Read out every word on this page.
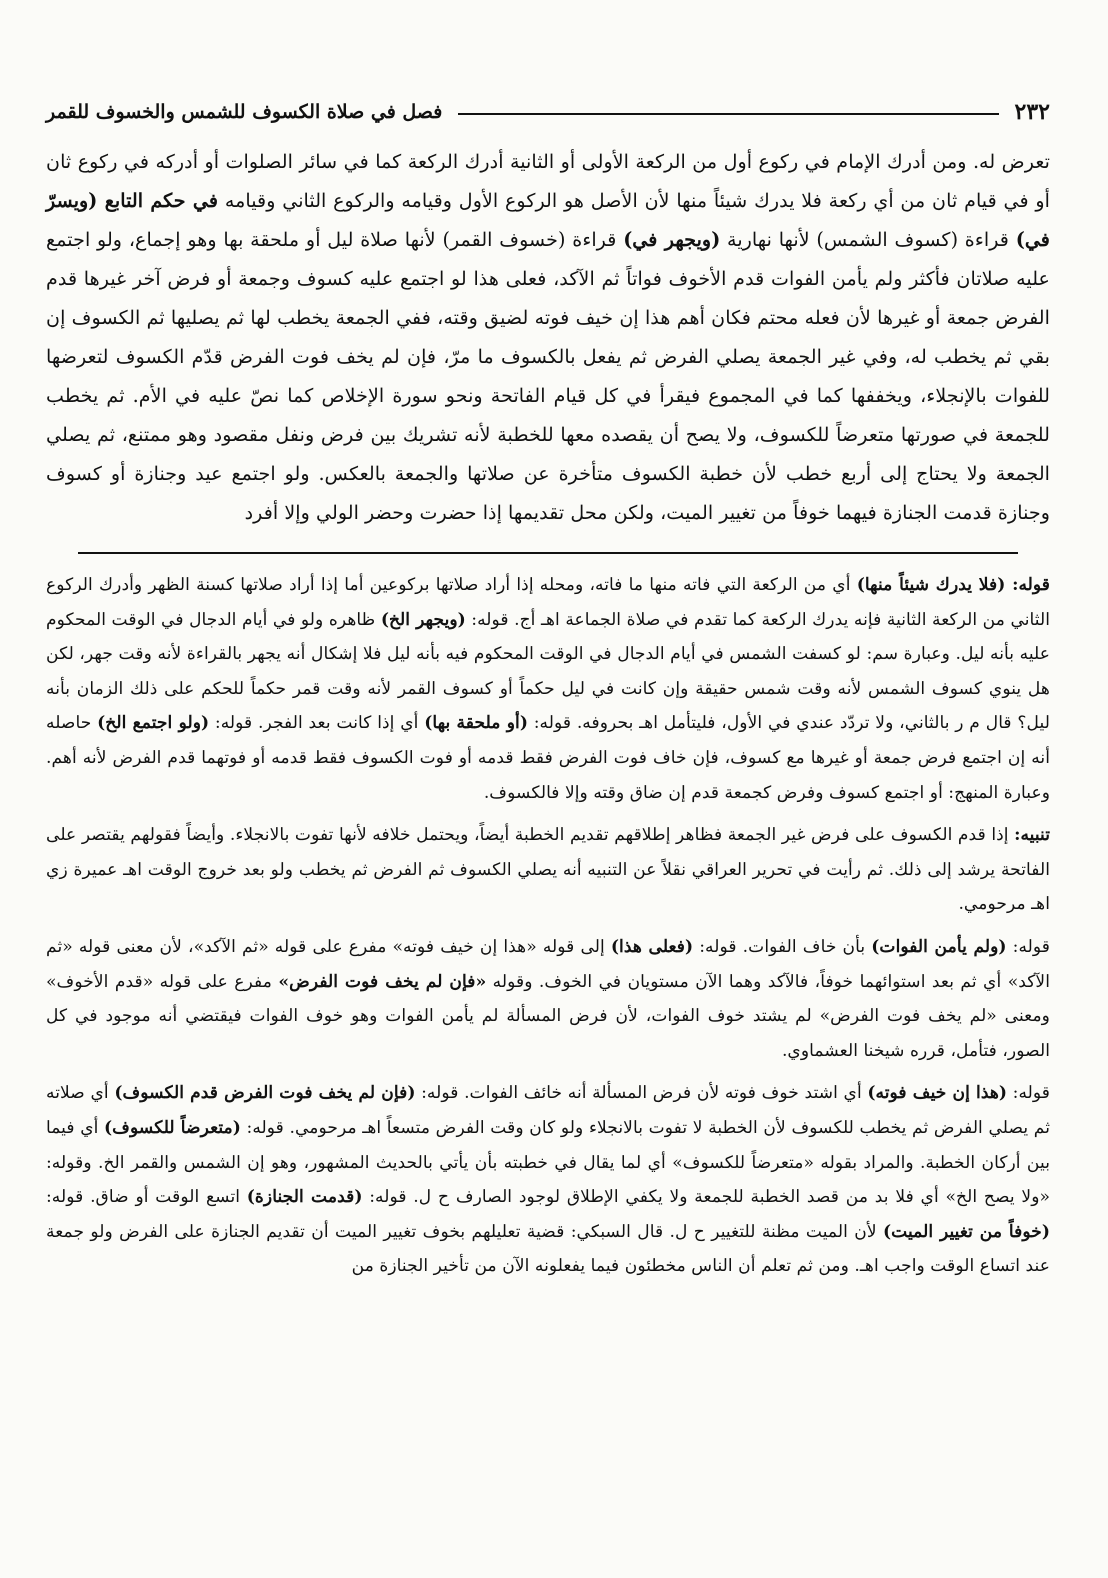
٢٣٢
فصل في صلاة الكسوف للشمس والخسوف للقمر
تعرض له. ومن أدرك الإمام في ركوع أول من الركعة الأولى أو الثانية أدرك الركعة كما في سائر الصلوات أو أدركه في ركوع ثان أو في قيام ثان من أي ركعة فلا يدرك شيئاً منها لأن الأصل هو الركوع الأول وقيامه والركوع الثاني وقيامه في حكم التابع (ويسرّ في) قراءة (كسوف الشمس) لأنها نهارية (ويجهر في) قراءة (خسوف القمر) لأنها صلاة ليل أو ملحقة بها وهو إجماع، ولو اجتمع عليه صلاتان فأكثر ولم يأمن الفوات قدم الأخوف فواتاً ثم الآكد، فعلى هذا لو اجتمع عليه كسوف وجمعة أو فرض آخر غيرها قدم الفرض جمعة أو غيرها لأن فعله محتم فكان أهم هذا إن خيف فوته لضيق وقته، ففي الجمعة يخطب لها ثم يصليها ثم الكسوف إن بقي ثم يخطب له، وفي غير الجمعة يصلي الفرض ثم يفعل بالكسوف ما مرّ، فإن لم يخف فوت الفرض قدّم الكسوف لتعرضها للفوات بالإنجلاء، ويخففها كما في المجموع فيقرأ في كل قيام الفاتحة ونحو سورة الإخلاص كما نصّ عليه في الأم. ثم يخطب للجمعة في صورتها متعرضاً للكسوف، ولا يصح أن يقصده معها للخطبة لأنه تشريك بين فرض ونفل مقصود وهو ممتنع، ثم يصلي الجمعة ولا يحتاج إلى أربع خطب لأن خطبة الكسوف متأخرة عن صلاتها والجمعة بالعكس. ولو اجتمع عيد وجنازة أو كسوف وجنازة قدمت الجنازة فيهما خوفاً من تغيير الميت، ولكن محل تقديمها إذا حضرت وحضر الولي وإلا أفرد

قوله: (فلا يدرك شيئاً منها) أي من الركعة التي فاته منها ما فاته، ومحله إذا أراد صلاتها بركوعين أما إذا أراد صلاتها كسنة الظهر وأدرك الركوع الثاني من الركعة الثانية فإنه يدرك الركعة كما تقدم في صلاة الجماعة اهـ أج. قوله: (ويجهر الخ) ظاهره ولو في أيام الدجال في الوقت المحكوم عليه بأنه ليل. وعبارة سم: لو كسفت الشمس في أيام الدجال في الوقت المحكوم فيه بأنه ليل فلا إشكال أنه يجهر بالقراءة لأنه وقت جهر، لكن هل ينوي كسوف الشمس لأنه وقت شمس حقيقة وإن كانت في ليل حكماً أو كسوف القمر لأنه وقت قمر حكماً للحكم على ذلك الزمان بأنه ليل؟ قال م ر بالثاني، ولا تردّد عندي في الأول، فليتأمل اهـ بحروفه. قوله: (أو ملحقة بها) أي إذا كانت بعد الفجر. قوله: (ولو اجتمع الخ) حاصله أنه إن اجتمع فرض جمعة أو غيرها مع كسوف، فإن خاف فوت الفرض فقط قدمه أو فوت الكسوف فقط قدمه أو فوتهما قدم الفرض لأنه أهم. وعبارة المنهج: أو اجتمع كسوف وفرض كجمعة قدم إن ضاق وقته وإلا فالكسوف.

تنبيه: إذا قدم الكسوف على فرض غير الجمعة فظاهر إطلاقهم تقديم الخطبة أيضاً، ويحتمل خلافه لأنها تفوت بالانجلاء. وأيضاً فقولهم يقتصر على الفاتحة يرشد إلى ذلك. ثم رأيت في تحرير العراقي نقلاً عن التنبيه أنه يصلي الكسوف ثم الفرض ثم يخطب ولو بعد خروج الوقت اهـ عميرة زي اهـ مرحومي.

قوله: (ولم يأمن الفوات) بأن خاف الفوات. قوله: (فعلى هذا) إلى قوله «هذا إن خيف فوته» مفرع على قوله «ثم الآكد»، لأن معنى قوله «ثم الآكد» أي ثم بعد استوائهما خوفاً، فالآكد وهما الآن مستويان في الخوف. وقوله «فإن لم يخف فوت الفرض» مفرع على قوله «قدم الأخوف» ومعنى «لم يخف فوت الفرض» لم يشتد خوف الفوات، لأن فرض المسألة لم يأمن الفوات وهو خوف الفوات فيقتضي أنه موجود في كل الصور، فتأمل، قرره شيخنا العشماوي.

قوله: (هذا إن خيف فوته) أي اشتد خوف فوته لأن فرض المسألة أنه خائف الفوات. قوله: (فإن لم يخف فوت الفرض قدم الكسوف) أي صلاته ثم يصلي الفرض ثم يخطب للكسوف لأن الخطبة لا تفوت بالانجلاء ولو كان وقت الفرض متسعاً اهـ مرحومي. قوله: (متعرضاً للكسوف) أي فيما بين أركان الخطبة. والمراد بقوله «متعرضاً للكسوف» أي لما يقال في خطبته بأن يأتي بالحديث المشهور، وهو إن الشمس والقمر الخ. وقوله: «ولا يصح الخ» أي فلا بد من قصد الخطبة للجمعة ولا يكفي الإطلاق لوجود الصارف ح ل. قوله: (قدمت الجنازة) اتسع الوقت أو ضاق. قوله: (خوفاً من تغيير الميت) لأن الميت مظنة للتغيير ح ل. قال السبكي: قضية تعليلهم بخوف تغيير الميت أن تقديم الجنازة على الفرض ولو جمعة عند اتساع الوقت واجب اهـ. ومن ثم تعلم أن الناس مخطئون فيما يفعلونه الآن من تأخير الجنازة من
